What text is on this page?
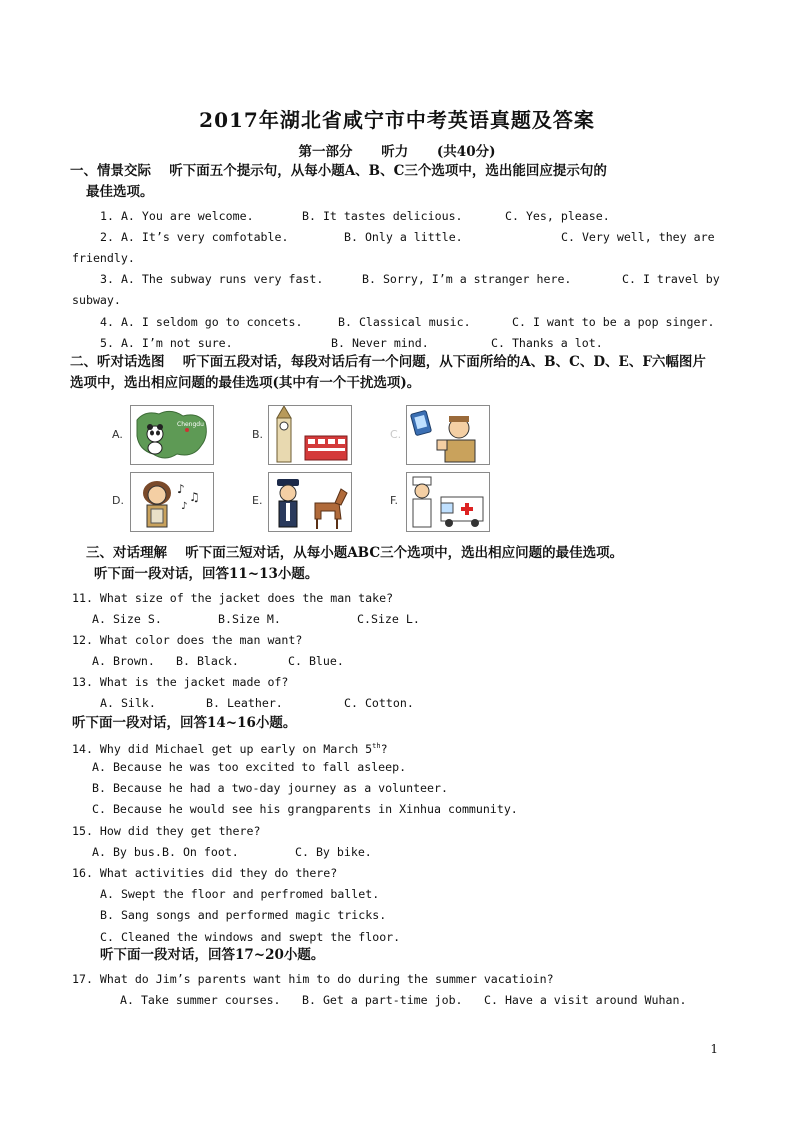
2017年湖北省咸宁市中考英语真题及答案
第一部分 听力 (共40分)
一、情景交际　 听下面五个提示句，从每小题A、B、C三个选项中，选出能回应提示句的
最佳选项。
1. A. You are welcome.	B. It tastes delicious.	C. Yes, please.
2. A. It’s very comfotable.	B. Only a little.	C. Very well, they are
friendly.
3. A. The subway runs very fast.	B. Sorry, I’m a stranger here.	C. I travel by
subway.
4. A. I seldom go to concets.	B. Classical music.	C. I want to be a pop singer.
5. A. I’m not sure.	B. Never mind.	C. Thanks a lot.
二、听对话选图　 听下面五段对话，每段对话后有一个问题，从下面所给的A、B、C、D、E、F六幅图片
选项中，选出相应问题的最佳选项(其中有一个干扰选项)。
A.	B.	C.
D.	E.	F.
Chengdu
♪
♫
♪
三、对话理解　 听下面三短对话，从每小题ABC三个选项中，选出相应问题的最佳选项。
听下面一段对话，回答11~13小题。
11. What size of the jacket does the man take?
A. Size S.	B.Size M.	C.Size L.
12. What color does the man want?
A. Brown. B. Black.	C. Blue.
13. What is the jacket made of?
A. Silk.	B. Leather.	C. Cotton.
听下面一段对话，回答14~16小题。
14. Why did Michael get up early on March 5th?
A. Because he was too excited to fall asleep.
B. Because he had a two-day journey as a volunteer.
C. Because he would see his grangparents in Xinhua community.
15. How did they get there?
A. By bus. B. On foot.	C. By bike.
16. What activities did they do there?
A. Swept the floor and perfromed ballet.
B. Sang songs and performed magic tricks.
C. Cleaned the windows and swept the floor.
听下面一段对话，回答17~20小题。
17. What do Jim’s parents want him to do during the summer vacatioin?
A. Take summer courses. B. Get a part-time job. C. Have a visit around Wuhan.
1
